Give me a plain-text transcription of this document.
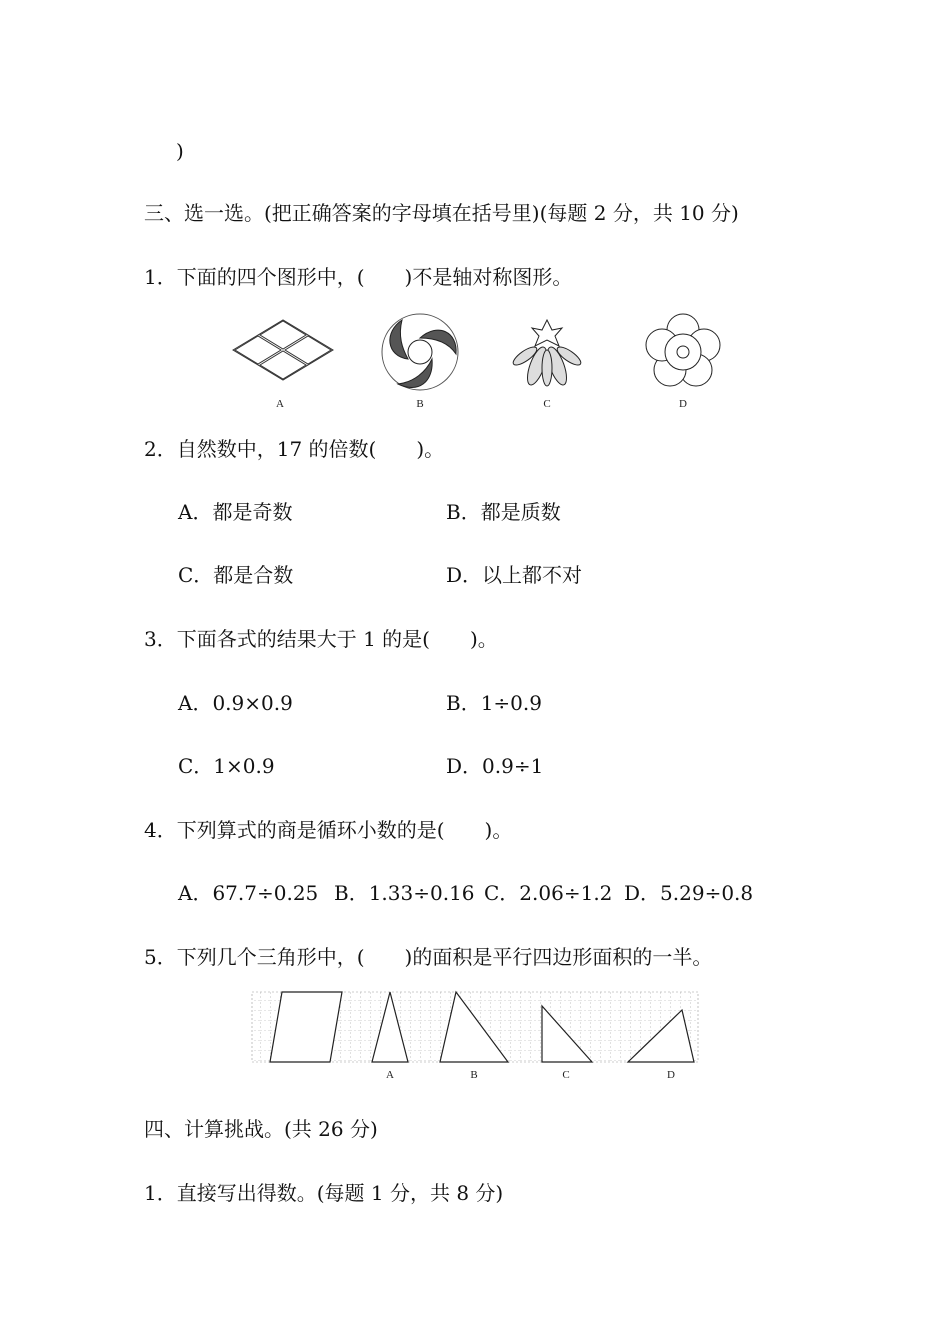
)
三、选一选。(把正确答案的字母填在括号里)(每题 2 分，共 10 分)
1．下面的四个图形中，(　　)不是轴对称图形。
A	B	C	D
2．自然数中，17 的倍数(　　)。
A．都是奇数	B．都是质数
C．都是合数	D．以上都不对
3．下面各式的结果大于 1 的是(　　)。
A．0.9×0.9	B．1÷0.9
C．1×0.9	D．0.9÷1
4．下列算式的商是循环小数的是(　　)。
A．67.7÷0.25 B．1.33÷0.16 C．2.06÷1.2 D．5.29÷0.8
5．下列几个三角形中，(　　)的面积是平行四边形面积的一半。
A	B	C	D
四、计算挑战。(共 26 分)
1．直接写出得数。(每题 1 分，共 8 分)
